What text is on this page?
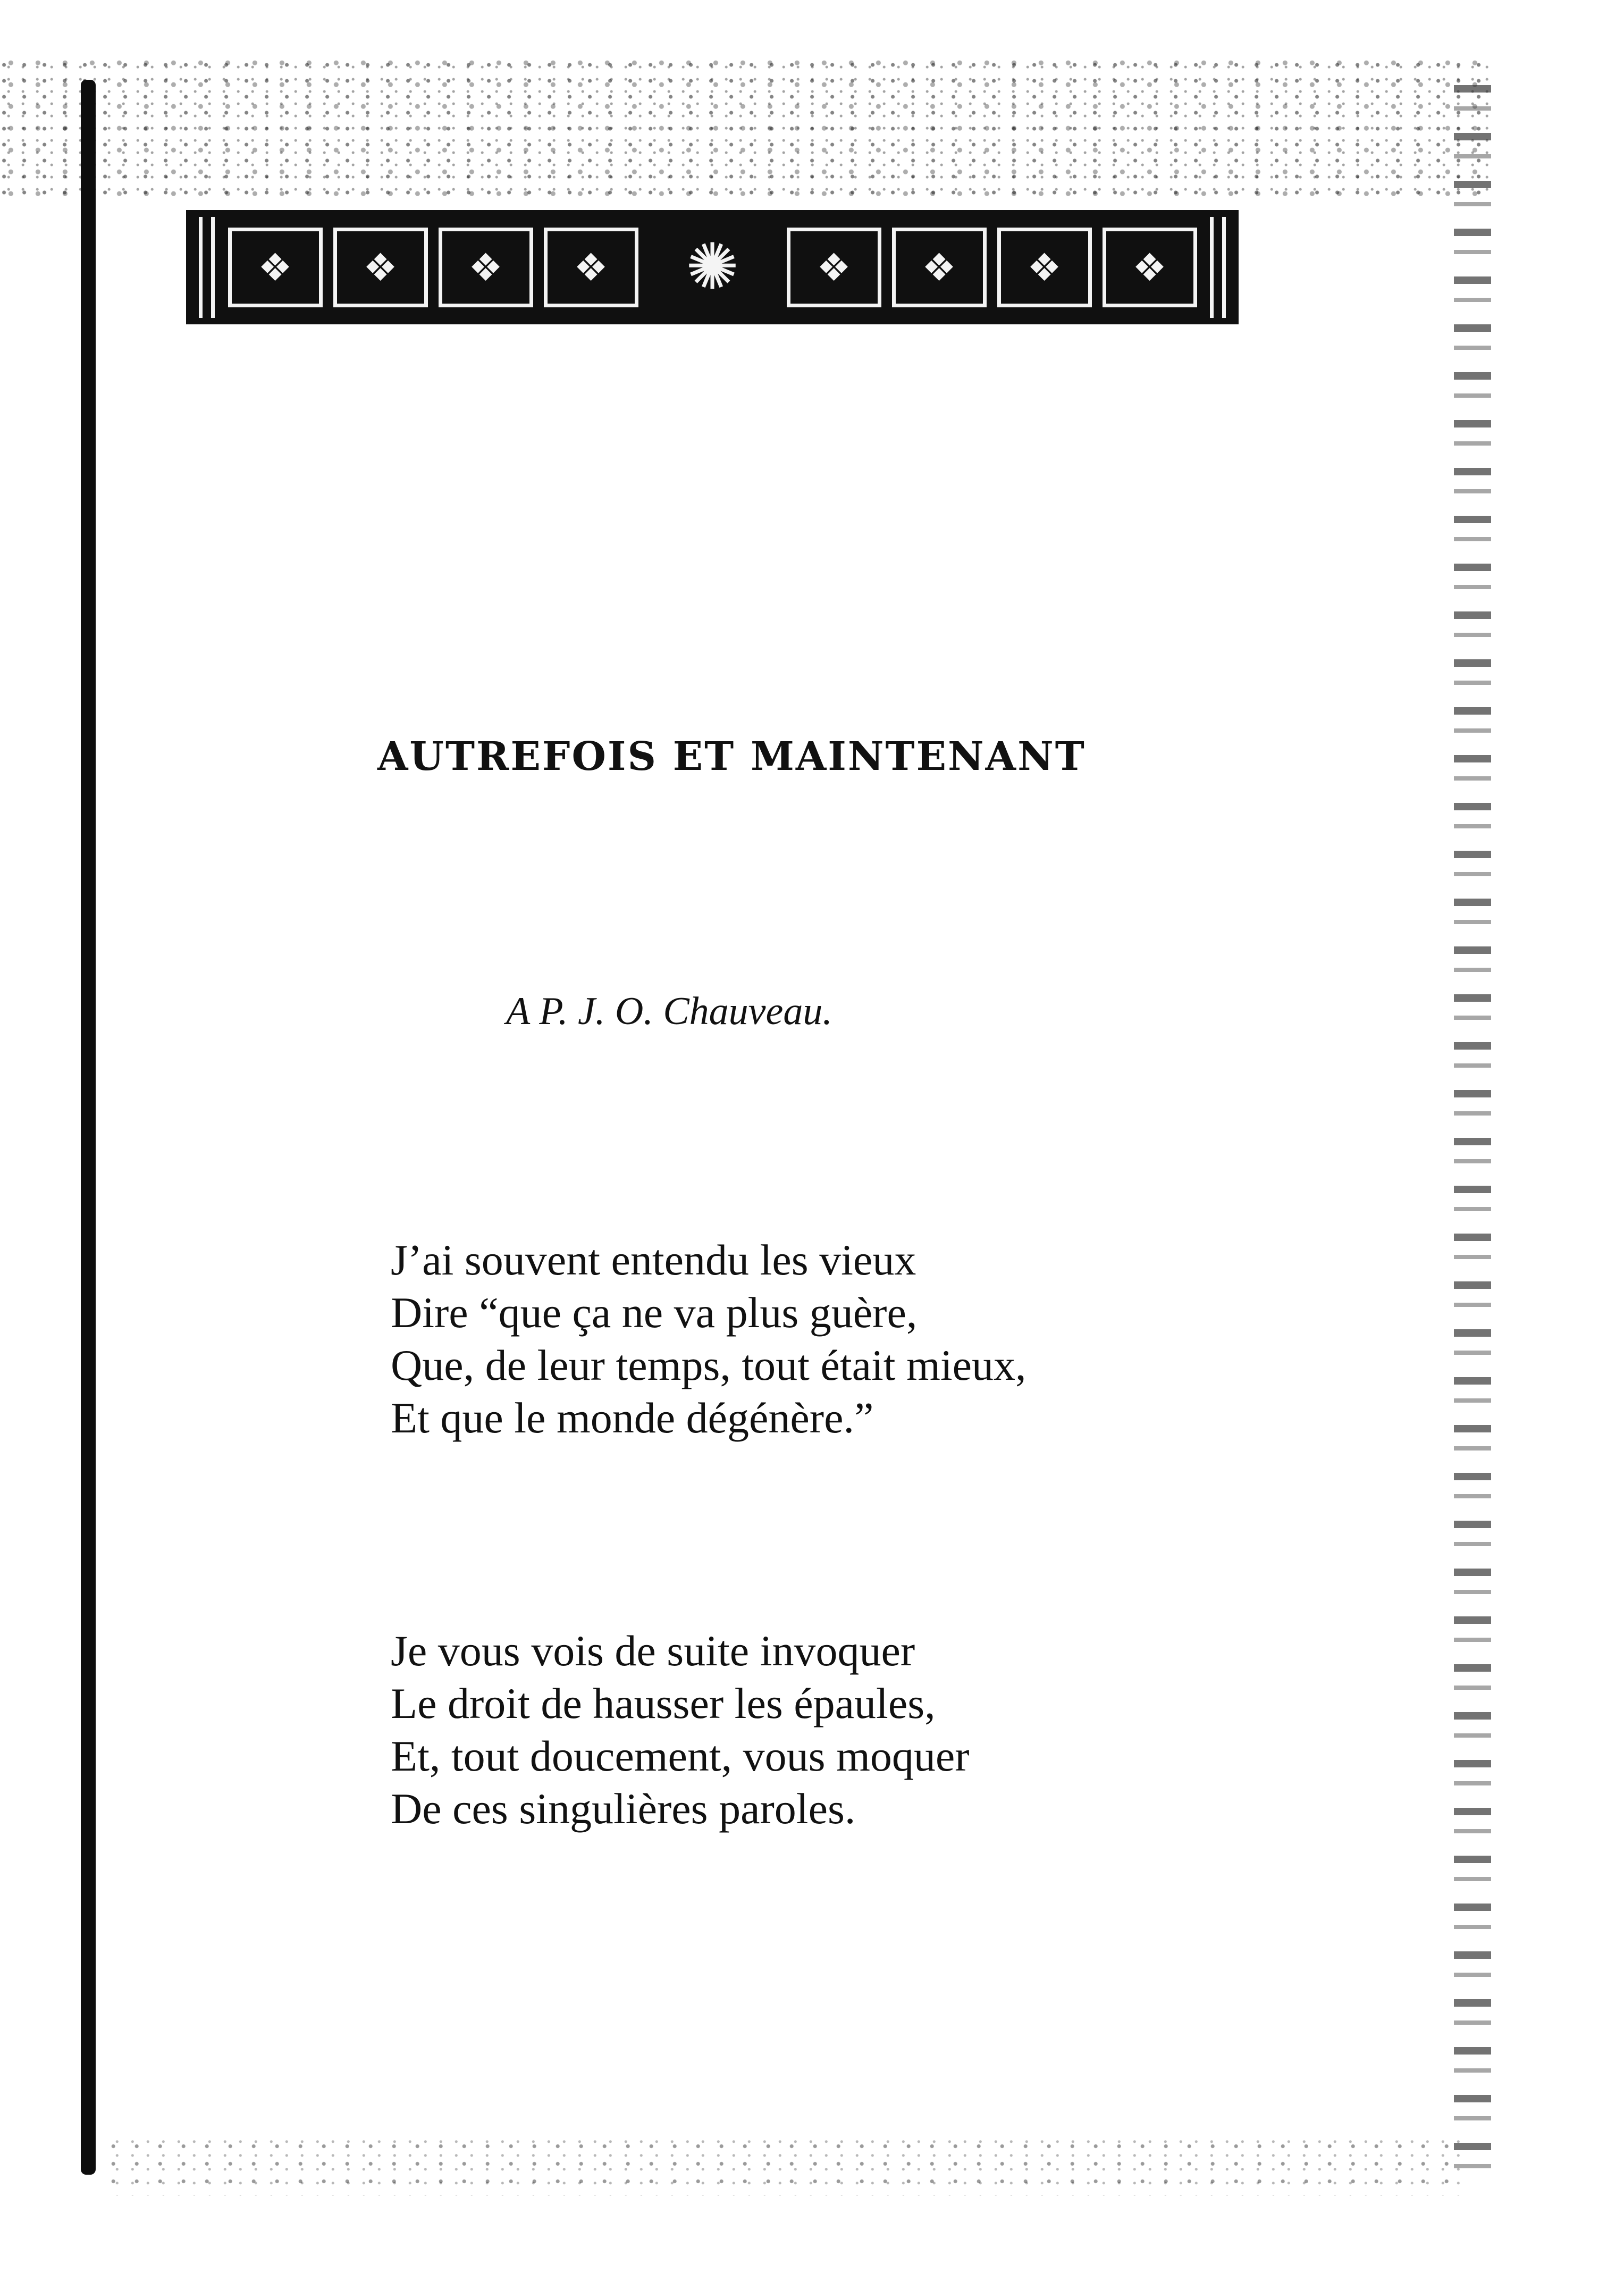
❖	❖	❖	❖	✺	❖	❖	❖	❖
AUTREFOIS ET MAINTENANT

A P. J. O. Chauveau.

J’ai souvent entendu les vieux
Dire “que ça ne va plus guère,
Que, de leur temps, tout était mieux,
Et que le monde dégénère.”
Je vous vois de suite invoquer
Le droit de hausser les épaules,
Et, tout doucement, vous moquer
De ces singulières paroles.
